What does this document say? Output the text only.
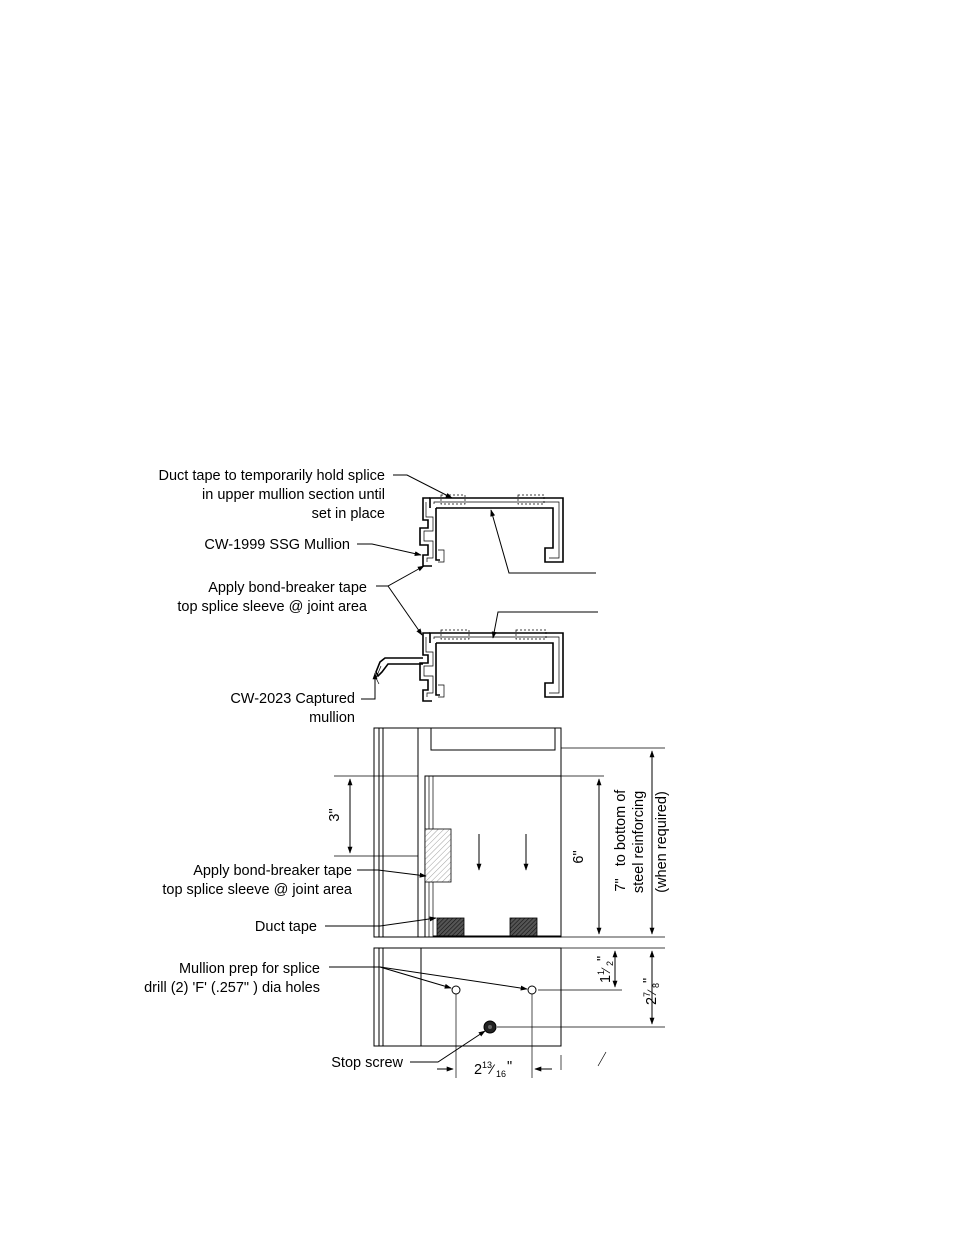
Duct tape to temporarily hold splice
in upper mullion section until
set in place
CW-1999 SSG Mullion
Apply bond-breaker tape
top splice sleeve @ joint area
CW-2023 Captured
mullion
Apply bond-breaker tape
top splice sleeve @ joint area
Duct tape
Mullion prep for splice
drill (2) 'F' (.257" ) dia holes
Stop screw
3"
6"
7"
to bottom of steel reinforcing (when required)
1
1
⁄
2
"
2
7
⁄
8
"
2 13
⁄ 16 "
